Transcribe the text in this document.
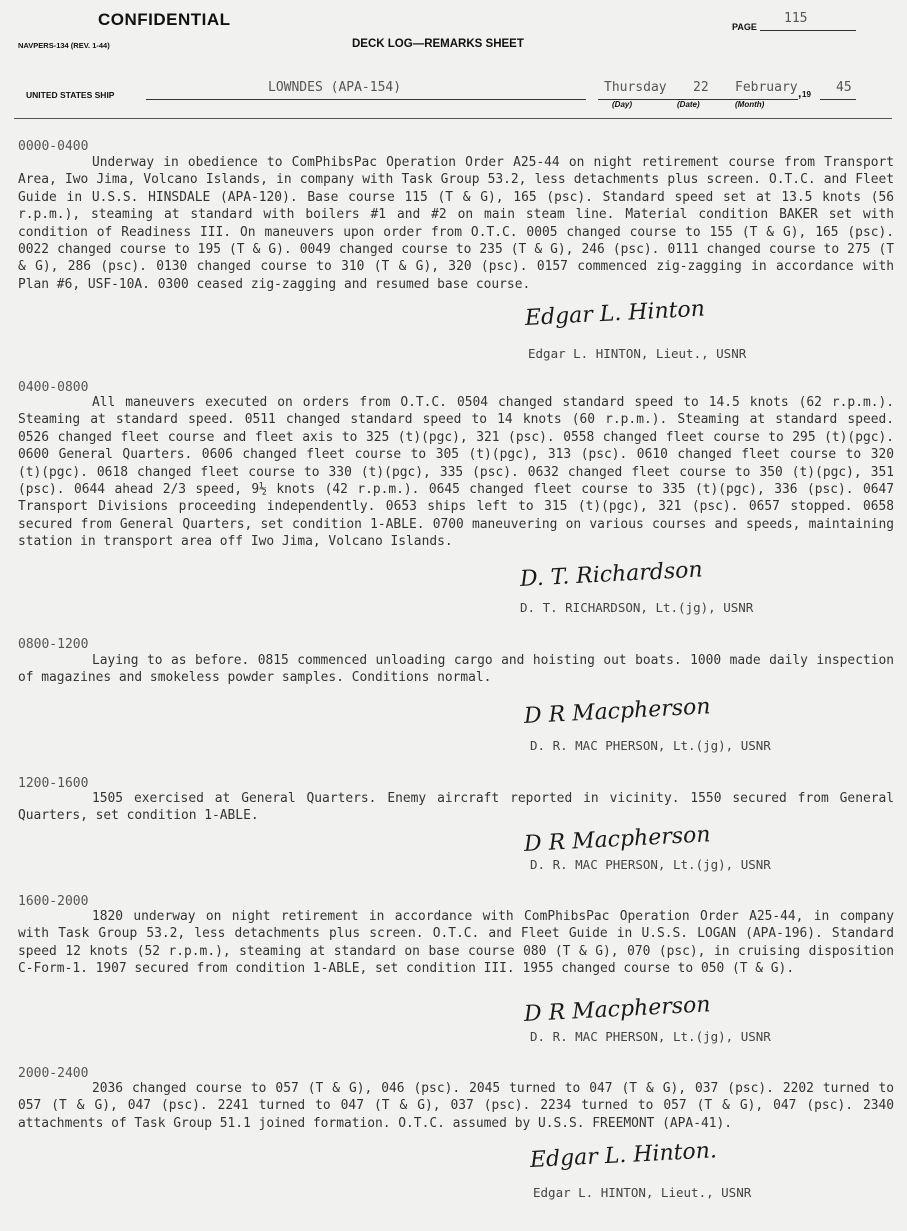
CONFIDENTIAL	PAGE
115
NAVPERS-134 (REV. 1-44)	DECK LOG—REMARKS SHEET
UNITED STATES SHIP	LOWNDES (APA-154)	Thursday 22 February , 19 45
(Day)	(Date)	(Month)
0000-0400

Underway in obedience to ComPhibsPac Operation Order A25-44 on night retirement course from Transport Area, Iwo Jima, Volcano Islands, in company with Task Group 53.2, less detachments plus screen. O.T.C. and Fleet Guide in U.S.S. HINSDALE (APA-120). Base course 115 (T & G), 165 (psc). Standard speed set at 13.5 knots (56 r.p.m.), steaming at standard with boilers #1 and #2 on main steam line. Material condition BAKER set with condition of Readiness III. On maneuvers upon order from O.T.C. 0005 changed course to 155 (T & G), 165 (psc). 0022 changed course to 195 (T & G). 0049 changed course to 235 (T & G), 246 (psc). 0111 changed course to 275 (T & G), 286 (psc). 0130 changed course to 310 (T & G), 320 (psc). 0157 commenced zig-zagging in accordance with Plan #6, USF-10A. 0300 ceased zig-zagging and resumed base course.

Edgar L. Hinton
Edgar L. HINTON, Lieut., USNR
0400-0800

All maneuvers executed on orders from O.T.C. 0504 changed standard speed to 14.5 knots (62 r.p.m.). Steaming at standard speed. 0511 changed standard speed to 14 knots (60 r.p.m.). Steaming at standard speed. 0526 changed fleet course and fleet axis to 325 (t)(pgc), 321 (psc). 0558 changed fleet course to 295 (t)(pgc). 0600 General Quarters. 0606 changed fleet course to 305 (t)(pgc), 313 (psc). 0610 changed fleet course to 320 (t)(pgc). 0618 changed fleet course to 330 (t)(pgc), 335 (psc). 0632 changed fleet course to 350 (t)(pgc), 351 (psc). 0644 ahead 2/3 speed, 9½ knots (42 r.p.m.). 0645 changed fleet course to 335 (t)(pgc), 336 (psc). 0647 Transport Divisions proceeding independently. 0653 ships left to 315 (t)(pgc), 321 (psc). 0657 stopped. 0658 secured from General Quarters, set condition 1-ABLE. 0700 maneuvering on various courses and speeds, maintaining station in transport area off Iwo Jima, Volcano Islands.

D. T. Richardson
D. T. RICHARDSON, Lt.(jg), USNR
0800-1200

Laying to as before. 0815 commenced unloading cargo and hoisting out boats. 1000 made daily inspection of magazines and smokeless powder samples. Conditions normal.

D R Macpherson
D. R. MAC PHERSON, Lt.(jg), USNR
1200-1600

1505 exercised at General Quarters. Enemy aircraft reported in vicinity. 1550 secured from General Quarters, set condition 1-ABLE.

D R Macpherson
D. R. MAC PHERSON, Lt.(jg), USNR
1600-2000

1820 underway on night retirement in accordance with ComPhibsPac Operation Order A25-44, in company with Task Group 53.2, less detachments plus screen. O.T.C. and Fleet Guide in U.S.S. LOGAN (APA-196). Standard speed 12 knots (52 r.p.m.), steaming at standard on base course 080 (T & G), 070 (psc), in cruising disposition C-Form-1. 1907 secured from condition 1-ABLE, set condition III. 1955 changed course to 050 (T & G).

D R Macpherson
D. R. MAC PHERSON, Lt.(jg), USNR
2000-2400

2036 changed course to 057 (T & G), 046 (psc). 2045 turned to 047 (T & G), 037 (psc). 2202 turned to 057 (T & G), 047 (psc). 2241 turned to 047 (T & G), 037 (psc). 2234 turned to 057 (T & G), 047 (psc). 2340 attachments of Task Group 51.1 joined formation. O.T.C. assumed by U.S.S. FREEMONT (APA-41).

Edgar L. Hinton.
Edgar L. HINTON, Lieut., USNR
